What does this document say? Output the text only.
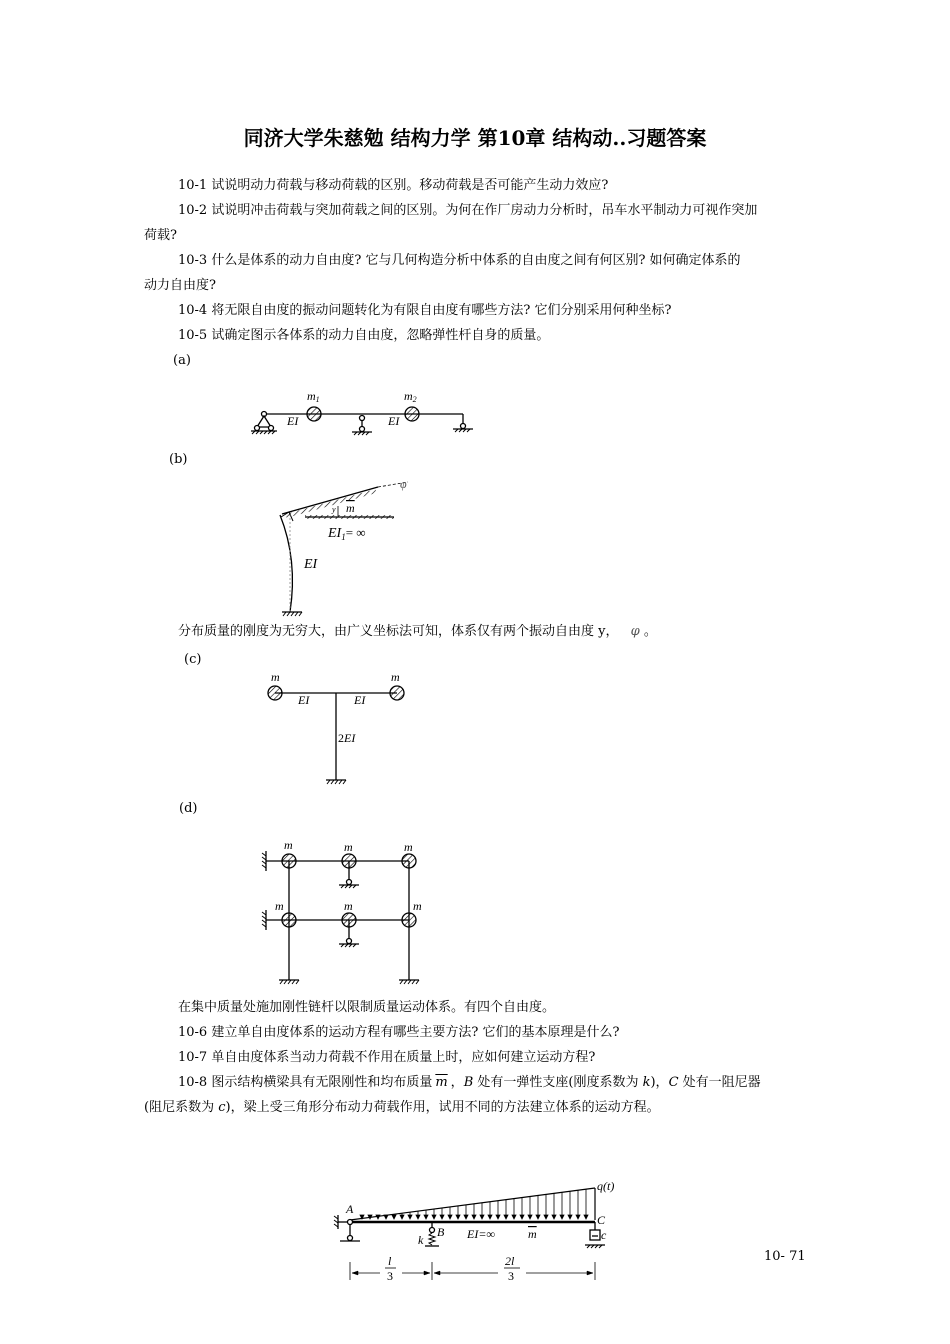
同济大学朱慈勉 结构力学 第10章 结构动..习题答案
10-1 试说明动力荷载与移动荷载的区别。移动荷载是否可能产生动力效应?
10-2 试说明冲击荷载与突加荷载之间的区别。为何在作厂房动力分析时，吊车水平制动力可视作突加
荷载?
10-3 什么是体系的动力自由度? 它与几何构造分析中体系的自由度之间有何区别? 如何确定体系的
动力自由度?
10-4 将无限自由度的振动问题转化为有限自由度有哪些方法? 它们分别采用何种坐标?
10-5 试确定图示各体系的动力自由度，忽略弹性杆自身的质量。
(a)
(b)
分布质量的刚度为无穷大，由广义坐标法可知，体系仅有两个振动自由度 y， φ 。
(c)
(d)
在集中质量处施加刚性链杆以限制质量运动体系。有四个自由度。
10-6 建立单自由度体系的运动方程有哪些主要方法? 它们的基本原理是什么?
10-7 单自由度体系当动力荷载不作用在质量上时，应如何建立运动方程?
10-8 图示结构横梁具有无限刚性和均布质量 $\overline{m}$ ，B 处有一弹性支座(刚度系数为 k)，C 处有一阻尼器
(阻尼系数为 c)，梁上受三角形分布动力荷载作用，试用不同的方法建立体系的运动方程。
10- 71
m1	m2
EI	EI
φ
y m
$EI_1=$ ∞
EI
m	m
EI	EI
2EI
m	m	m
m	m	m
q(t)
A
B
C
c
k	EI=∞	m
l
3
2l
3
